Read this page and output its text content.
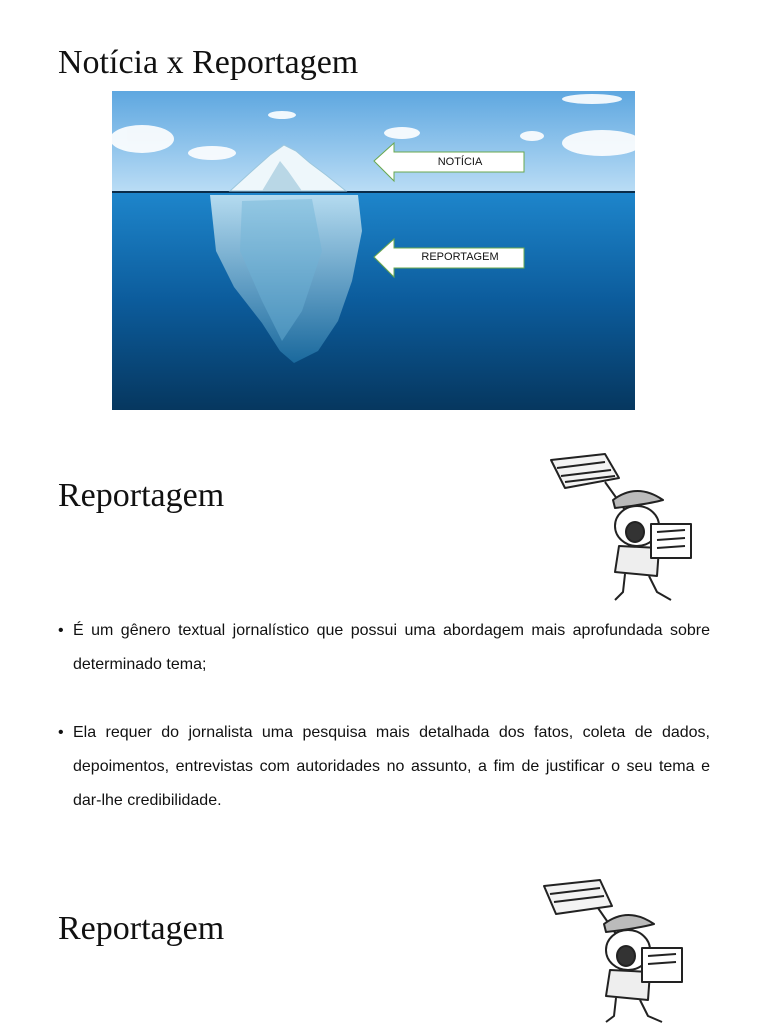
Notícia x Reportagem
NOTÍCIA
REPORTAGEM
Reportagem
• É um gênero textual jornalístico que possui uma abordagem mais aprofundada sobre determinado tema;
• Ela requer do jornalista uma pesquisa mais detalhada dos fatos, coleta de dados, depoimentos, entrevistas com autoridades no assunto, a fim de justificar o seu tema e dar-lhe credibilidade.
Reportagem
